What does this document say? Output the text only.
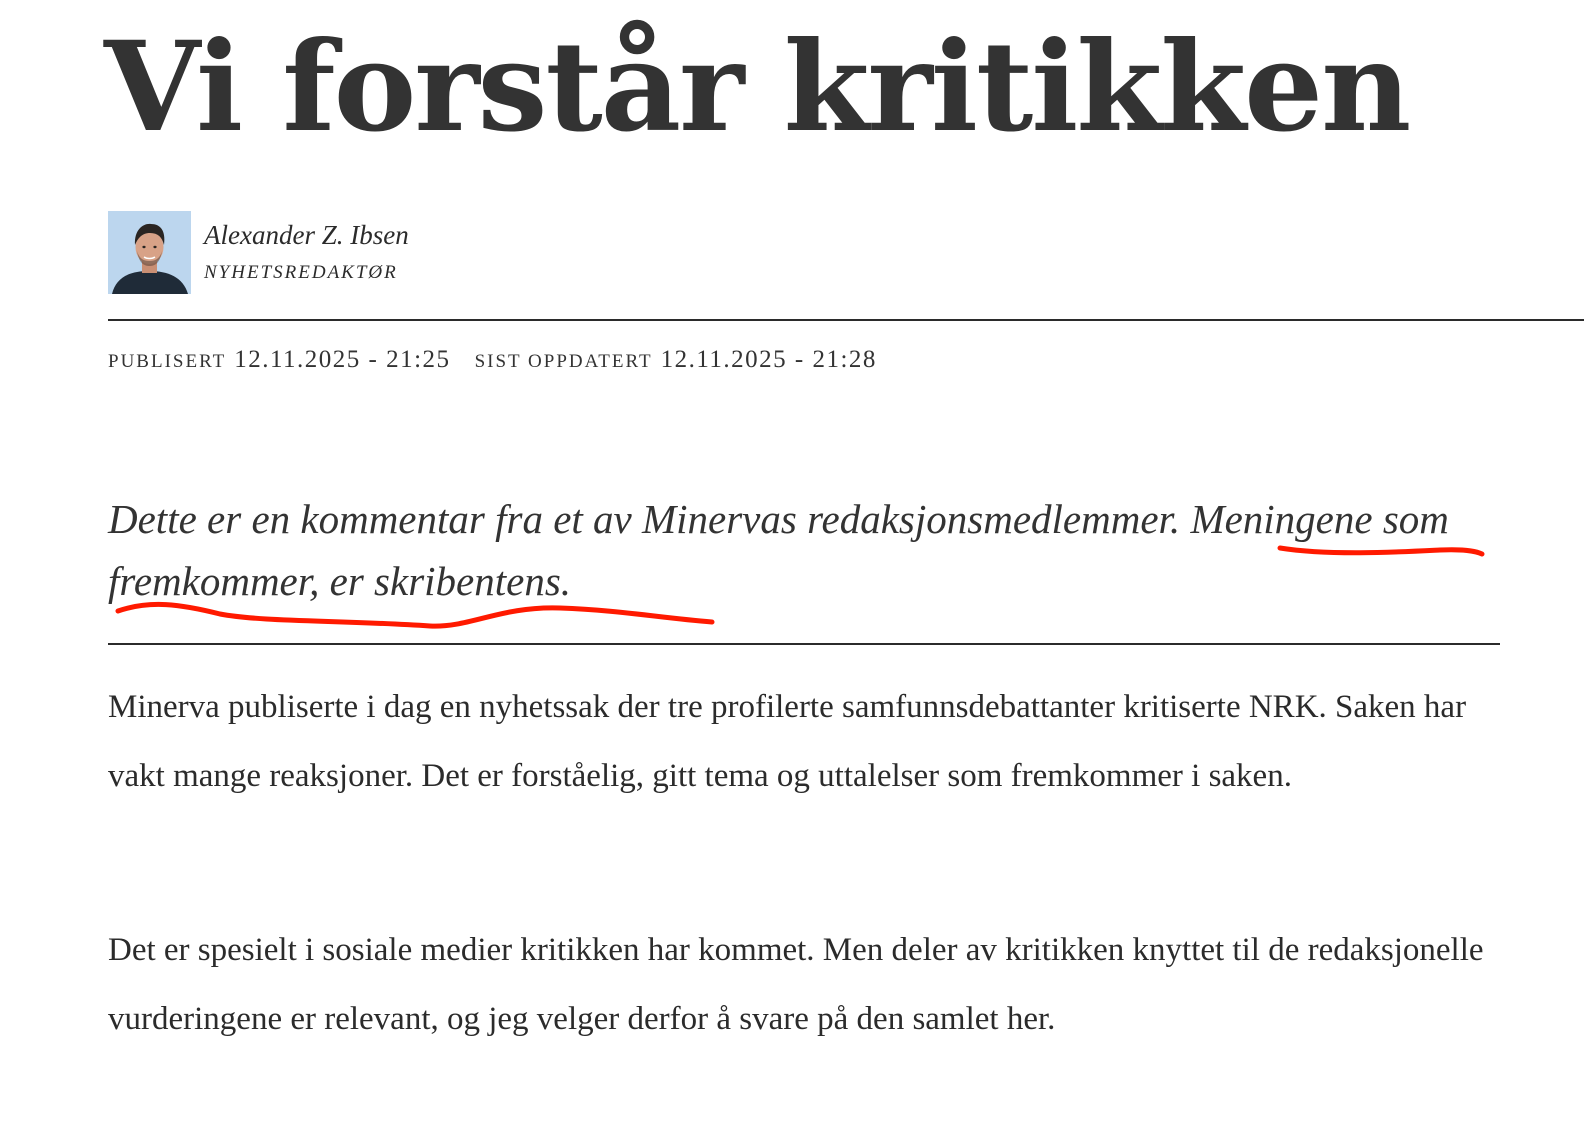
Vi forstår kritikken
Alexander Z. Ibsen
NYHETSREDAKTØR
PUBLISERT 12.11.2025 - 21:25 SIST OPPDATERT 12.11.2025 - 21:28

Dette er en kommentar fra et av Minervas redaksjonsmedlemmer. Meningene som fremkommer, er skribentens.

Minerva publiserte i dag en nyhetssak der tre profilerte samfunnsdebattanter kritiserte NRK. Saken har vakt mange reaksjoner. Det er forståelig, gitt tema og uttalelser som fremkommer i saken.

Det er spesielt i sosiale medier kritikken har kommet. Men deler av kritikken knyttet til de redaksjonelle vurderingene er relevant, og jeg velger derfor å svare på den samlet her.
